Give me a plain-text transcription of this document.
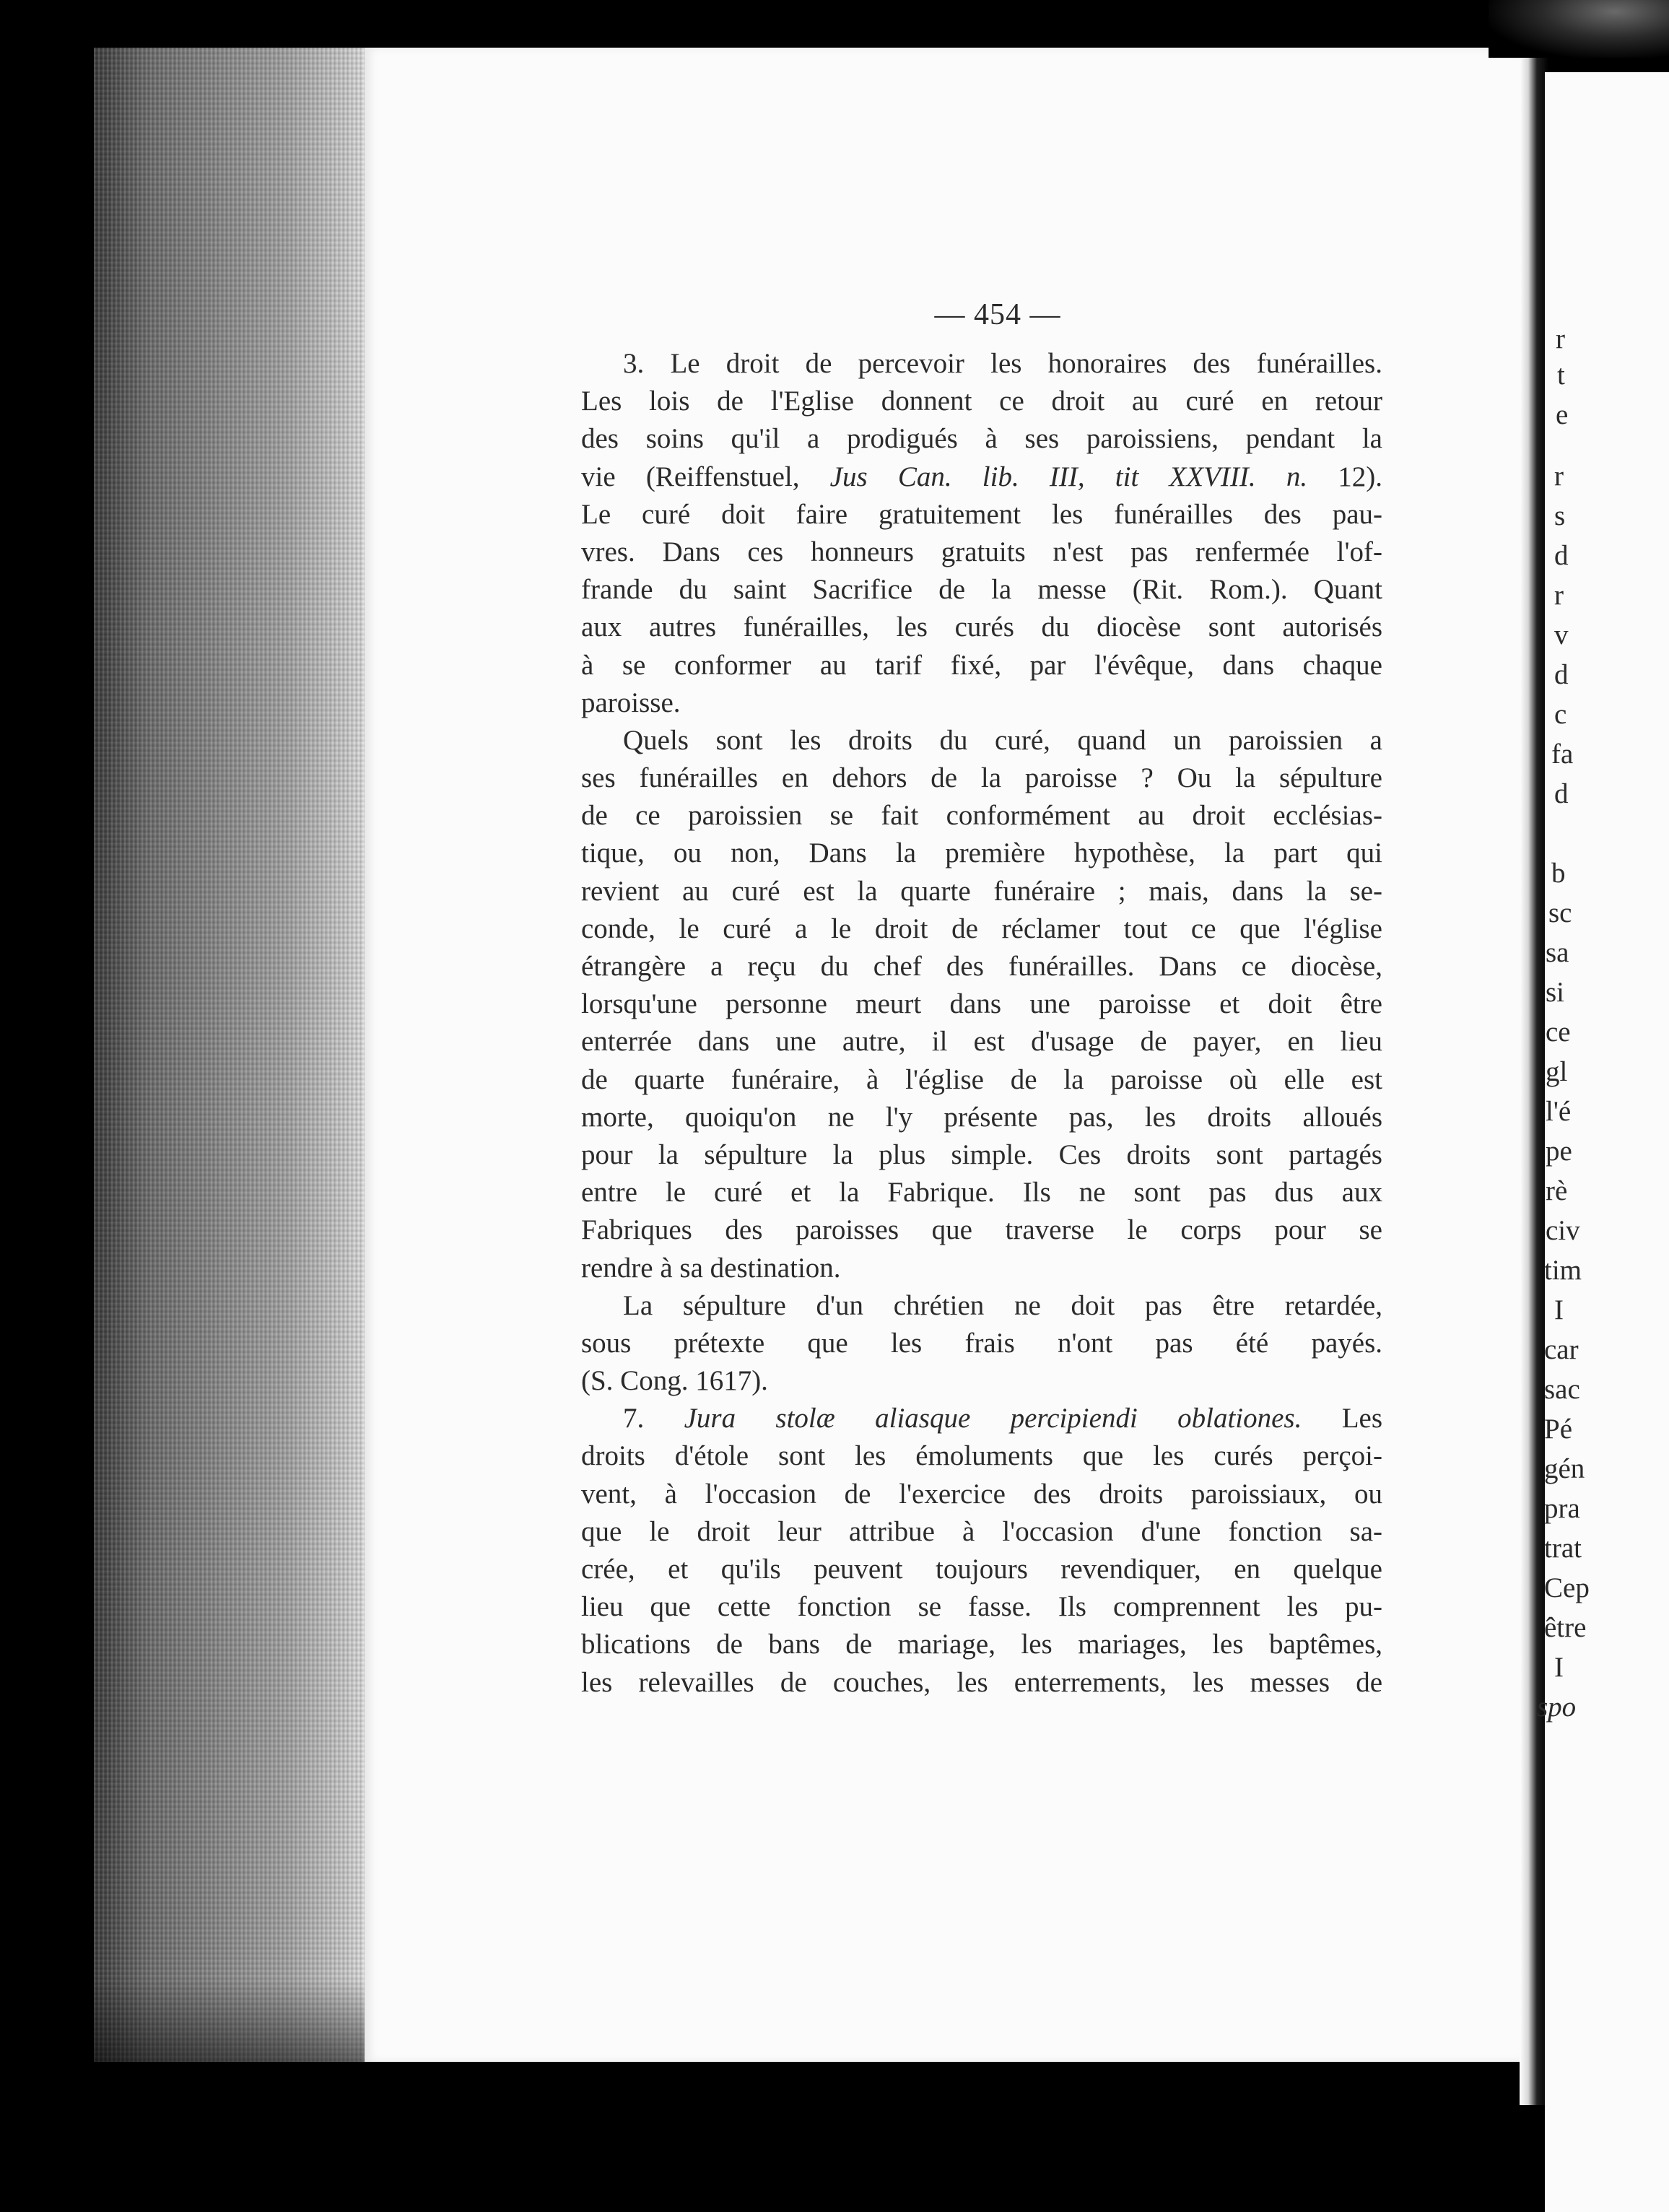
— 454 —
3. Le droit de percevoir les honoraires des funérailles.
Les lois de l'Eglise donnent ce droit au curé en retour
des soins qu'il a prodigués à ses paroissiens, pendant la
vie (Reiffenstuel, Jus Can. lib. III, tit XXVIII. n. 12).
Le curé doit faire gratuitement les funérailles des pau-
vres. Dans ces honneurs gratuits n'est pas renfermée l'of-
frande du saint Sacrifice de la messe (Rit. Rom.). Quant
aux autres funérailles, les curés du diocèse sont autorisés
à se conformer au tarif fixé, par l'évêque, dans chaque
paroisse.
Quels sont les droits du curé, quand un paroissien a
ses funérailles en dehors de la paroisse ? Ou la sépulture
de ce paroissien se fait conformément au droit ecclésias-
tique, ou non, Dans la première hypothèse, la part qui
revient au curé est la quarte funéraire ; mais, dans la se-
conde, le curé a le droit de réclamer tout ce que l'église
étrangère a reçu du chef des funérailles. Dans ce diocèse,
lorsqu'une personne meurt dans une paroisse et doit être
enterrée dans une autre, il est d'usage de payer, en lieu
de quarte funéraire, à l'église de la paroisse où elle est
morte, quoiqu'on ne l'y présente pas, les droits alloués
pour la sépulture la plus simple. Ces droits sont partagés
entre le curé et la Fabrique. Ils ne sont pas dus aux
Fabriques des paroisses que traverse le corps pour se
rendre à sa destination.
La sépulture d'un chrétien ne doit pas être retardée,
sous prétexte que les frais n'ont pas été payés.
(S. Cong. 1617).
7. Jura stolæ aliasque percipiendi oblationes. Les
droits d'étole sont les émoluments que les curés perçoi-
vent, à l'occasion de l'exercice des droits paroissiaux, ou
que le droit leur attribue à l'occasion d'une fonction sa-
crée, et qu'ils peuvent toujours revendiquer, en quelque
lieu que cette fonction se fasse. Ils comprennent les pu-
blications de bans de mariage, les mariages, les baptêmes,
les relevailles de couches, les enterrements, les messes de
r
t
e
r
s
d
r
v
d
c
fa
d
b
sc
sa
si
ce
gl
l'é
pe
rè
civ
tim
I
car
sac
Pé
gén
pra
trat
Cep
être
I
spo
